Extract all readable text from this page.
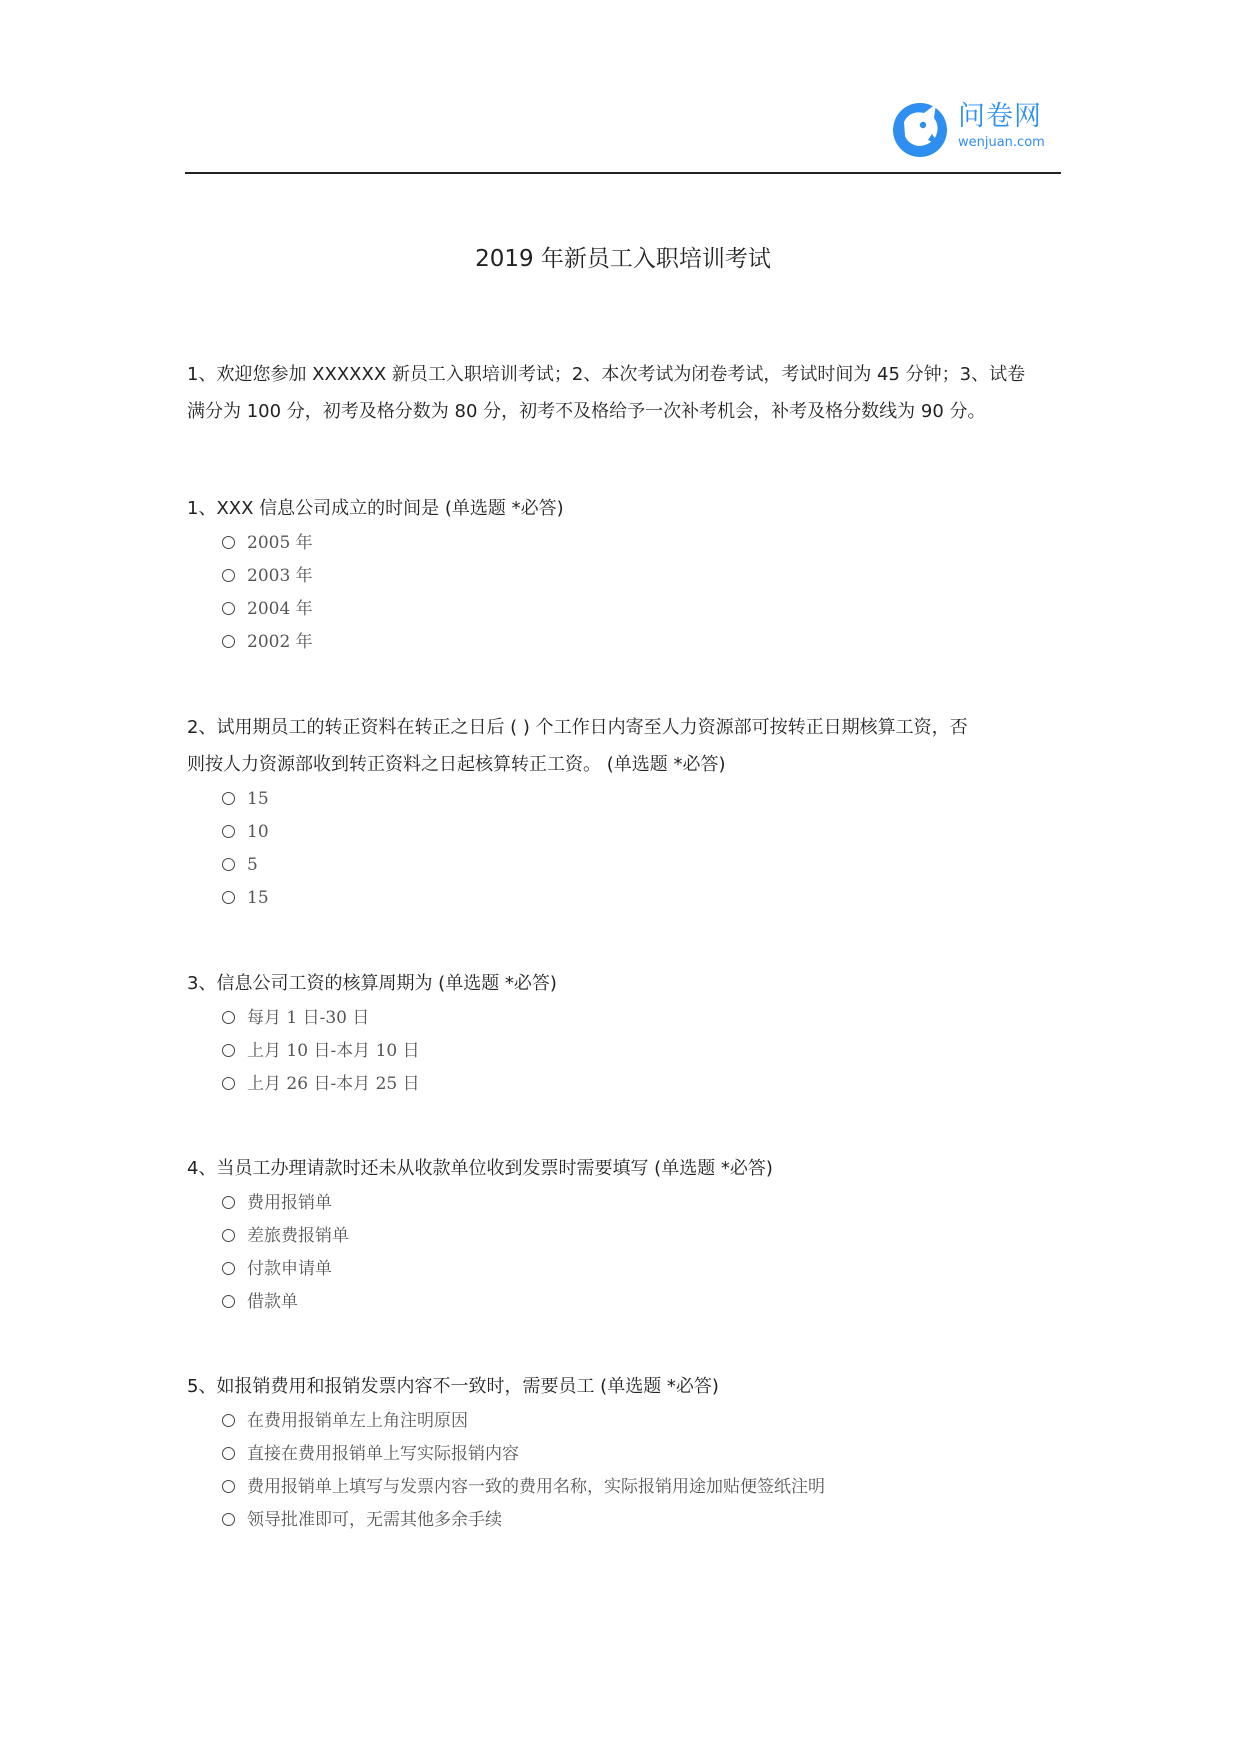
问卷网
wenjuan.com
2019 年新员工入职培训考试
1、欢迎您参加 XXXXXX 新员工入职培训考试；2、本次考试为闭卷考试，考试时间为 45 分钟；3、试卷
满分为 100 分，初考及格分数为 80 分，初考不及格给予一次补考机会，补考及格分数线为 90 分。
1、XXX 信息公司成立的时间是 (单选题 *必答)
2005 年
2003 年
2004 年
2002 年
2、试用期员工的转正资料在转正之日后 ( ) 个工作日内寄至人力资源部可按转正日期核算工资，否
则按人力资源部收到转正资料之日起核算转正工资。 (单选题 *必答)
15
10
5
15
3、信息公司工资的核算周期为 (单选题 *必答)
每月 1 日-30 日
上月 10 日-本月 10 日
上月 26 日-本月 25 日
4、当员工办理请款时还未从收款单位收到发票时需要填写 (单选题 *必答)
费用报销单
差旅费报销单
付款申请单
借款单
5、如报销费用和报销发票内容不一致时，需要员工 (单选题 *必答)
在费用报销单左上角注明原因
直接在费用报销单上写实际报销内容
费用报销单上填写与发票内容一致的费用名称，实际报销用途加贴便签纸注明
领导批准即可，无需其他多余手续
